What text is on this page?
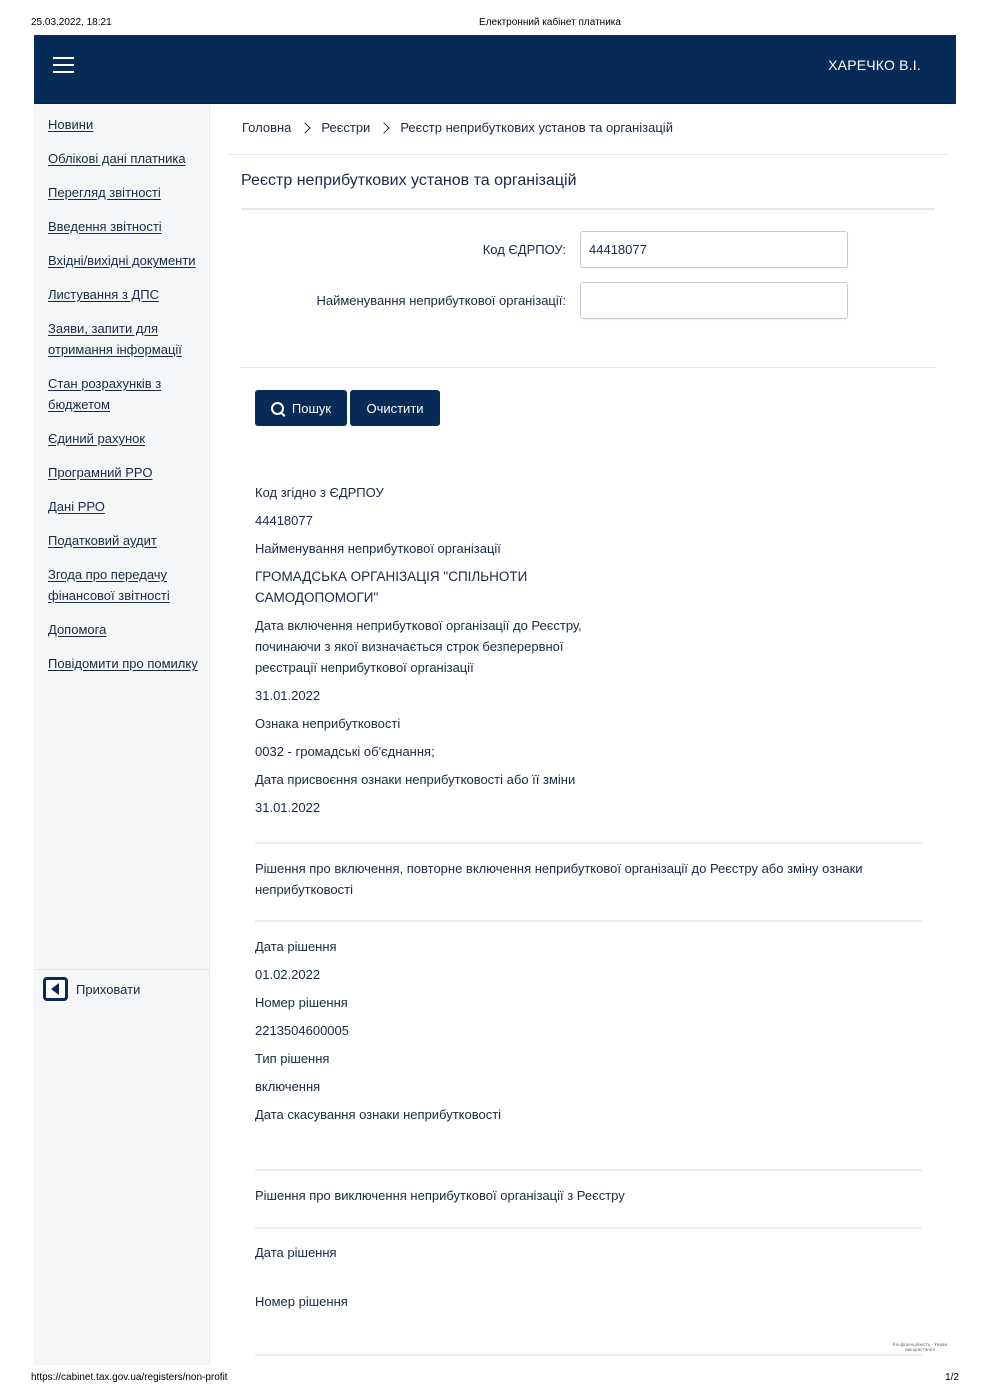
25.03.2022, 18:21	Електронний кабінет платника
ХАРЕЧКО В.І.
Новини
Облікові дані платника
Перегляд звітності
Введення звітності
Вхідні/вихідні документи
Листування з ДПС
Заяви, запити для отримання інформації
Стан розрахунків з бюджетом
Єдиний рахунок
Програмний РРО
Дані РРО
Податковий аудит
Згода про передачу фінансової звітності
Допомога
Повідомити про помилку
Приховати
Головна Реєстри Реєстр неприбуткових установ та організацій
Реєстр неприбуткових установ та організацій
Код ЄДРПОУ:
44418077
Найменування неприбуткової організації:
Пошук	Очистити
Код згідно з ЄДРПОУ
44418077
Найменування неприбуткової організації
ГРОМАДСЬКА ОРГАНІЗАЦІЯ "СПІЛЬНОТИ САМОДОПОМОГИ"
Дата включення неприбуткової організації до Реєстру, починаючи з якої визначається строк безперервної реєстрації неприбуткової організації
31.01.2022
Ознака неприбутковості
0032 - громадські об'єднання;
Дата присвоєння ознаки неприбутковості або її зміни
31.01.2022
Рішення про включення, повторне включення неприбуткової організації до Реєстру або зміну ознаки неприбутковості
Дата рішення
01.02.2022
Номер рішення
2213504600005
Тип рішення
включення
Дата скасування ознаки неприбутковості
Рішення про виключення неприбуткової організації з Реєстру
Дата рішення
Номер рішення
Конфіденційність - Умови використання
https://cabinet.tax.gov.ua/registers/non-profit	1/2
